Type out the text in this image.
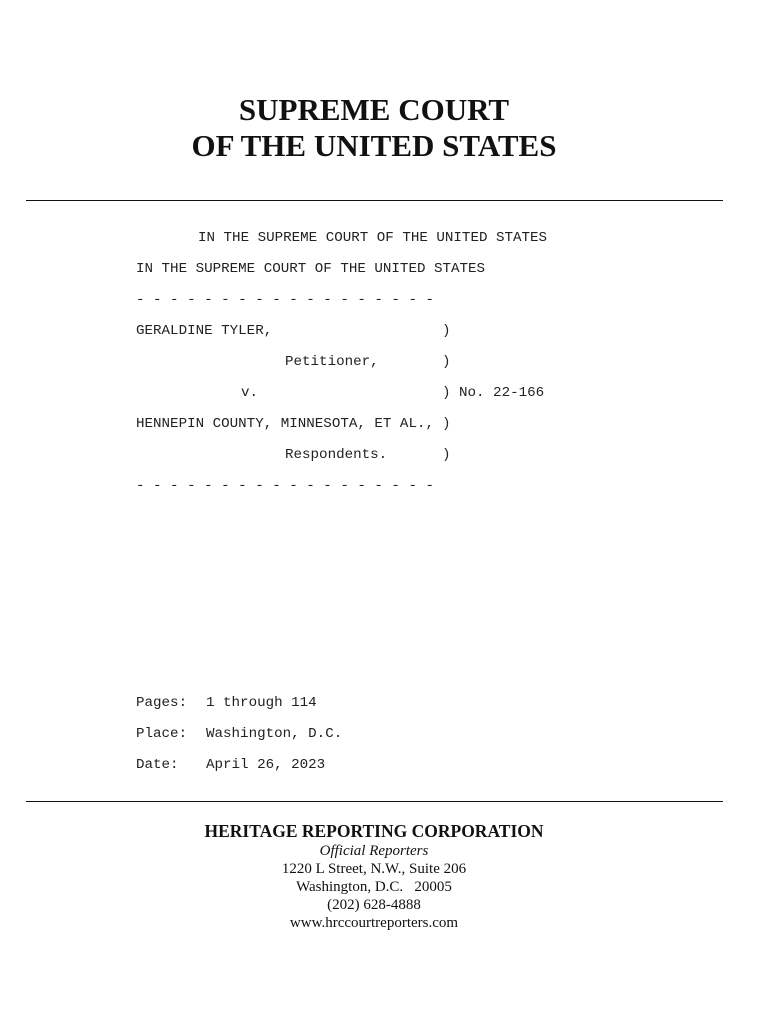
SUPREME COURT
OF THE UNITED STATES
IN THE SUPREME COURT OF THE UNITED STATES
IN THE SUPREME COURT OF THE UNITED STATES
- - - - - - - - - - - - - - - - - -
GERALDINE TYLER,	)
Petitioner,	)
v.	) No. 22-166
HENNEPIN COUNTY, MINNESOTA, ET AL., )
Respondents.	)
- - - - - - - - - - - - - - - - - -
Pages: 1 through 114
Place: Washington, D.C.
Date: April 26, 2023
HERITAGE REPORTING CORPORATION
Official Reporters
1220 L Street, N.W., Suite 206
Washington, D.C.   20005
(202) 628-4888
www.hrccourtreporters.com
